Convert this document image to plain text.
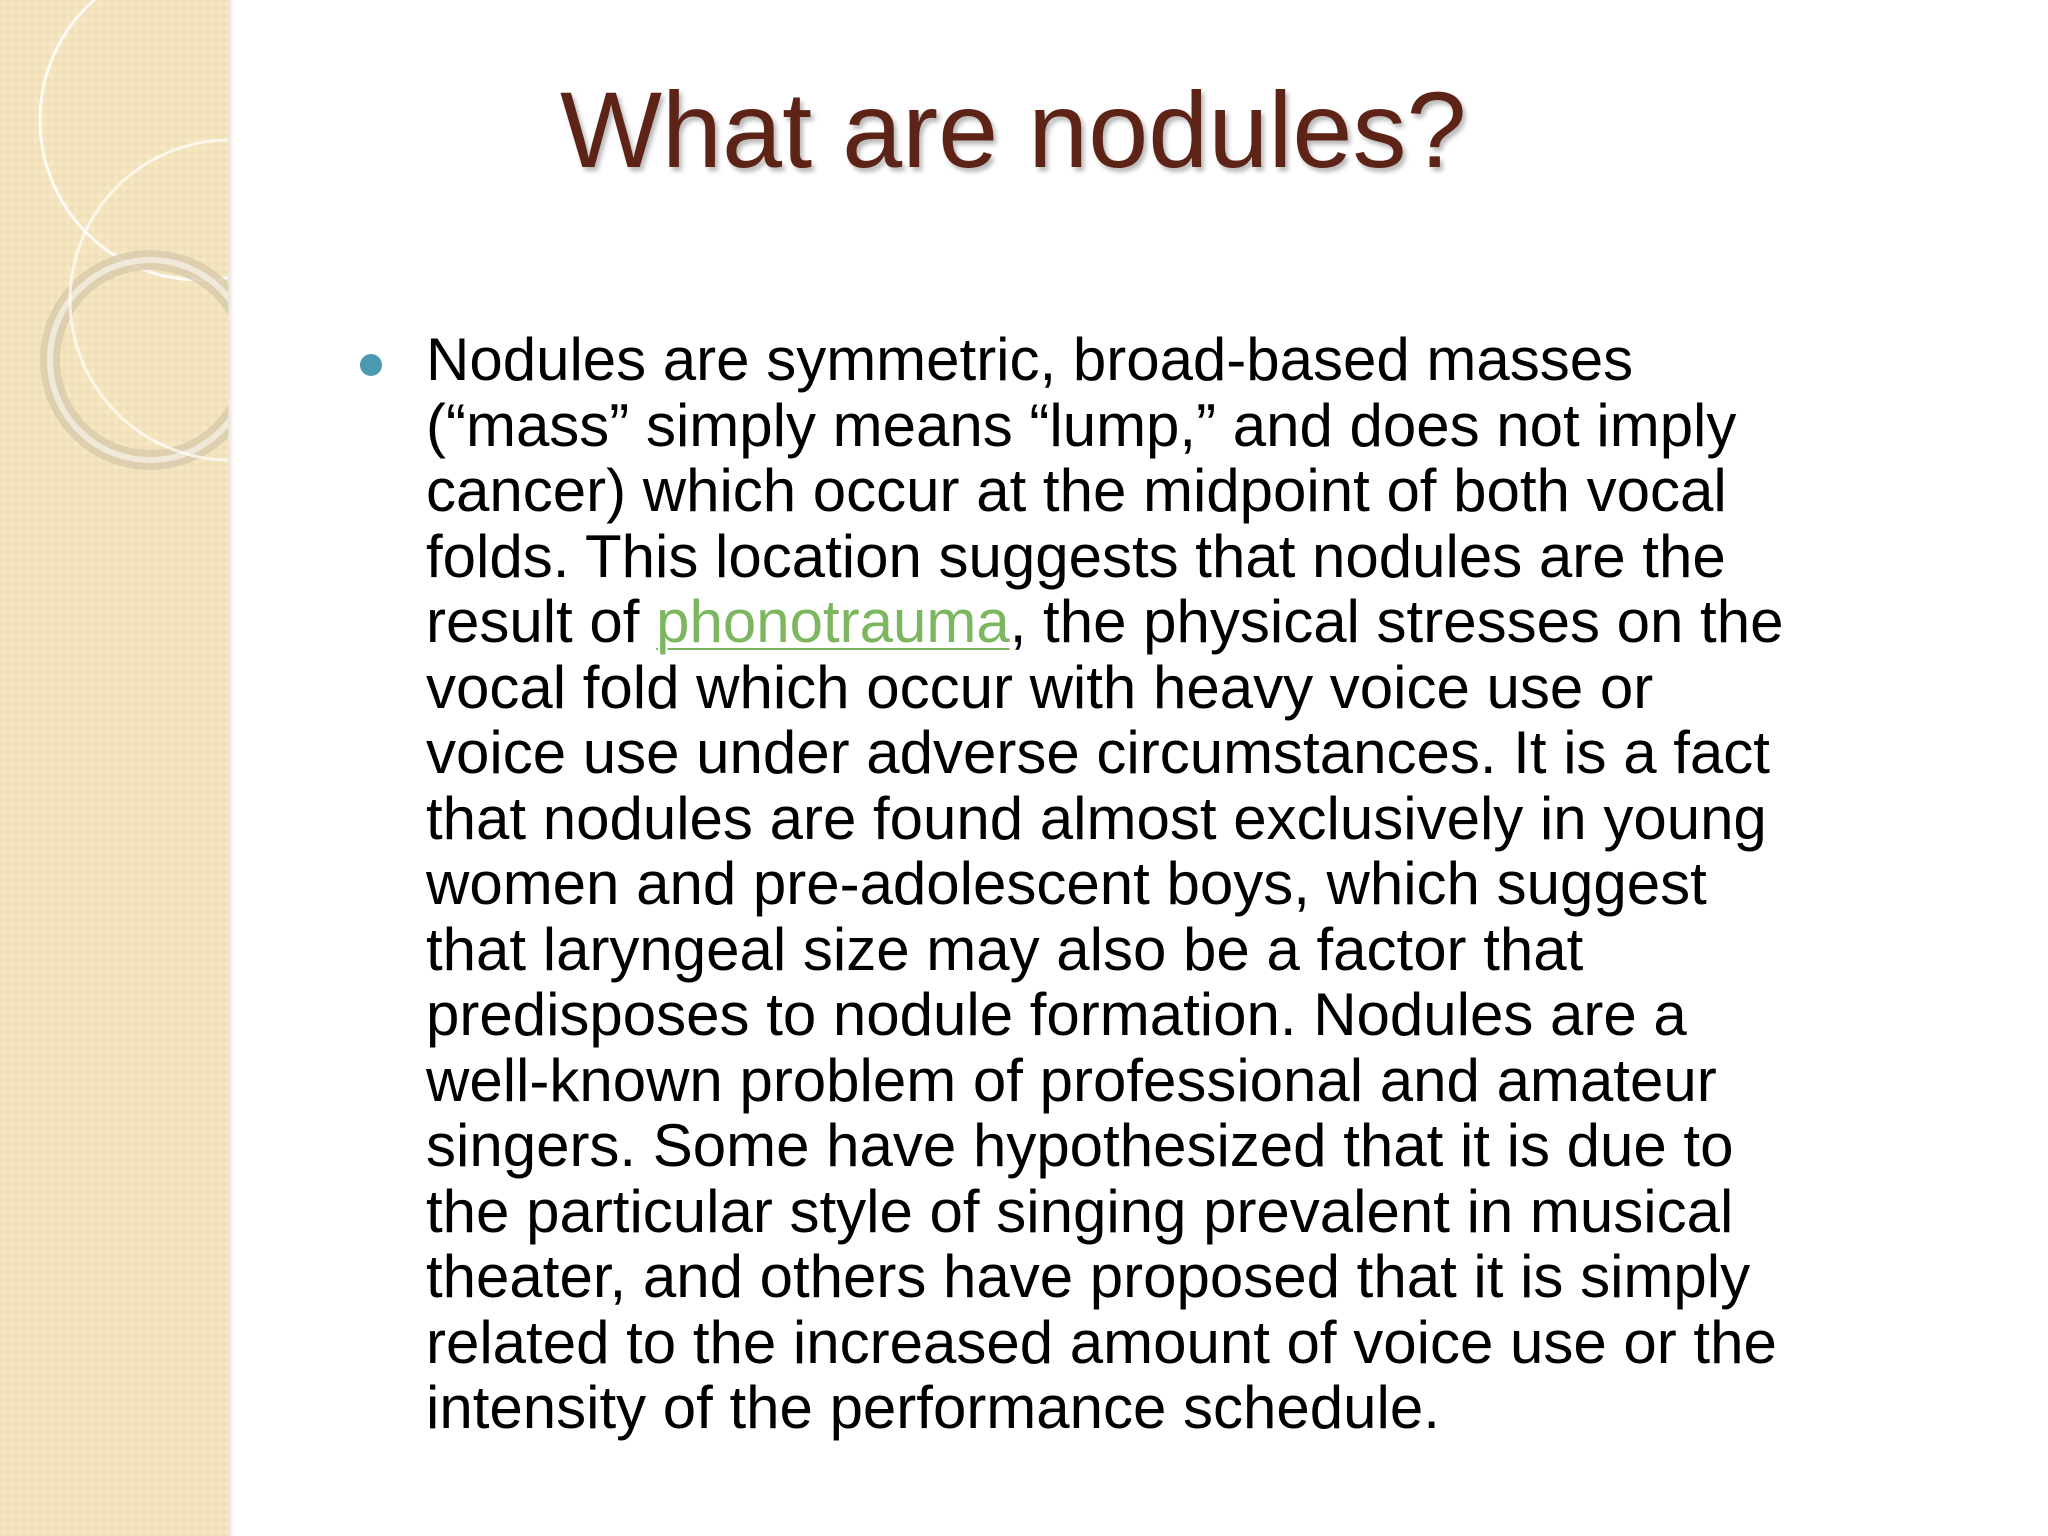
What are nodules?

Nodules are symmetric, broad-based masses
(“mass” simply means “lump,” and does not imply
cancer) which occur at the midpoint of both vocal
folds. This location suggests that nodules are the
result of phonotrauma, the physical stresses on the
vocal fold which occur with heavy voice use or
voice use under adverse circumstances. It is a fact
that nodules are found almost exclusively in young
women and pre-adolescent boys, which suggest
that laryngeal size may also be a factor that
predisposes to nodule formation. Nodules are a
well-known problem of professional and amateur
singers. Some have hypothesized that it is due to
the particular style of singing prevalent in musical
theater, and others have proposed that it is simply
related to the increased amount of voice use or the
intensity of the performance schedule.
